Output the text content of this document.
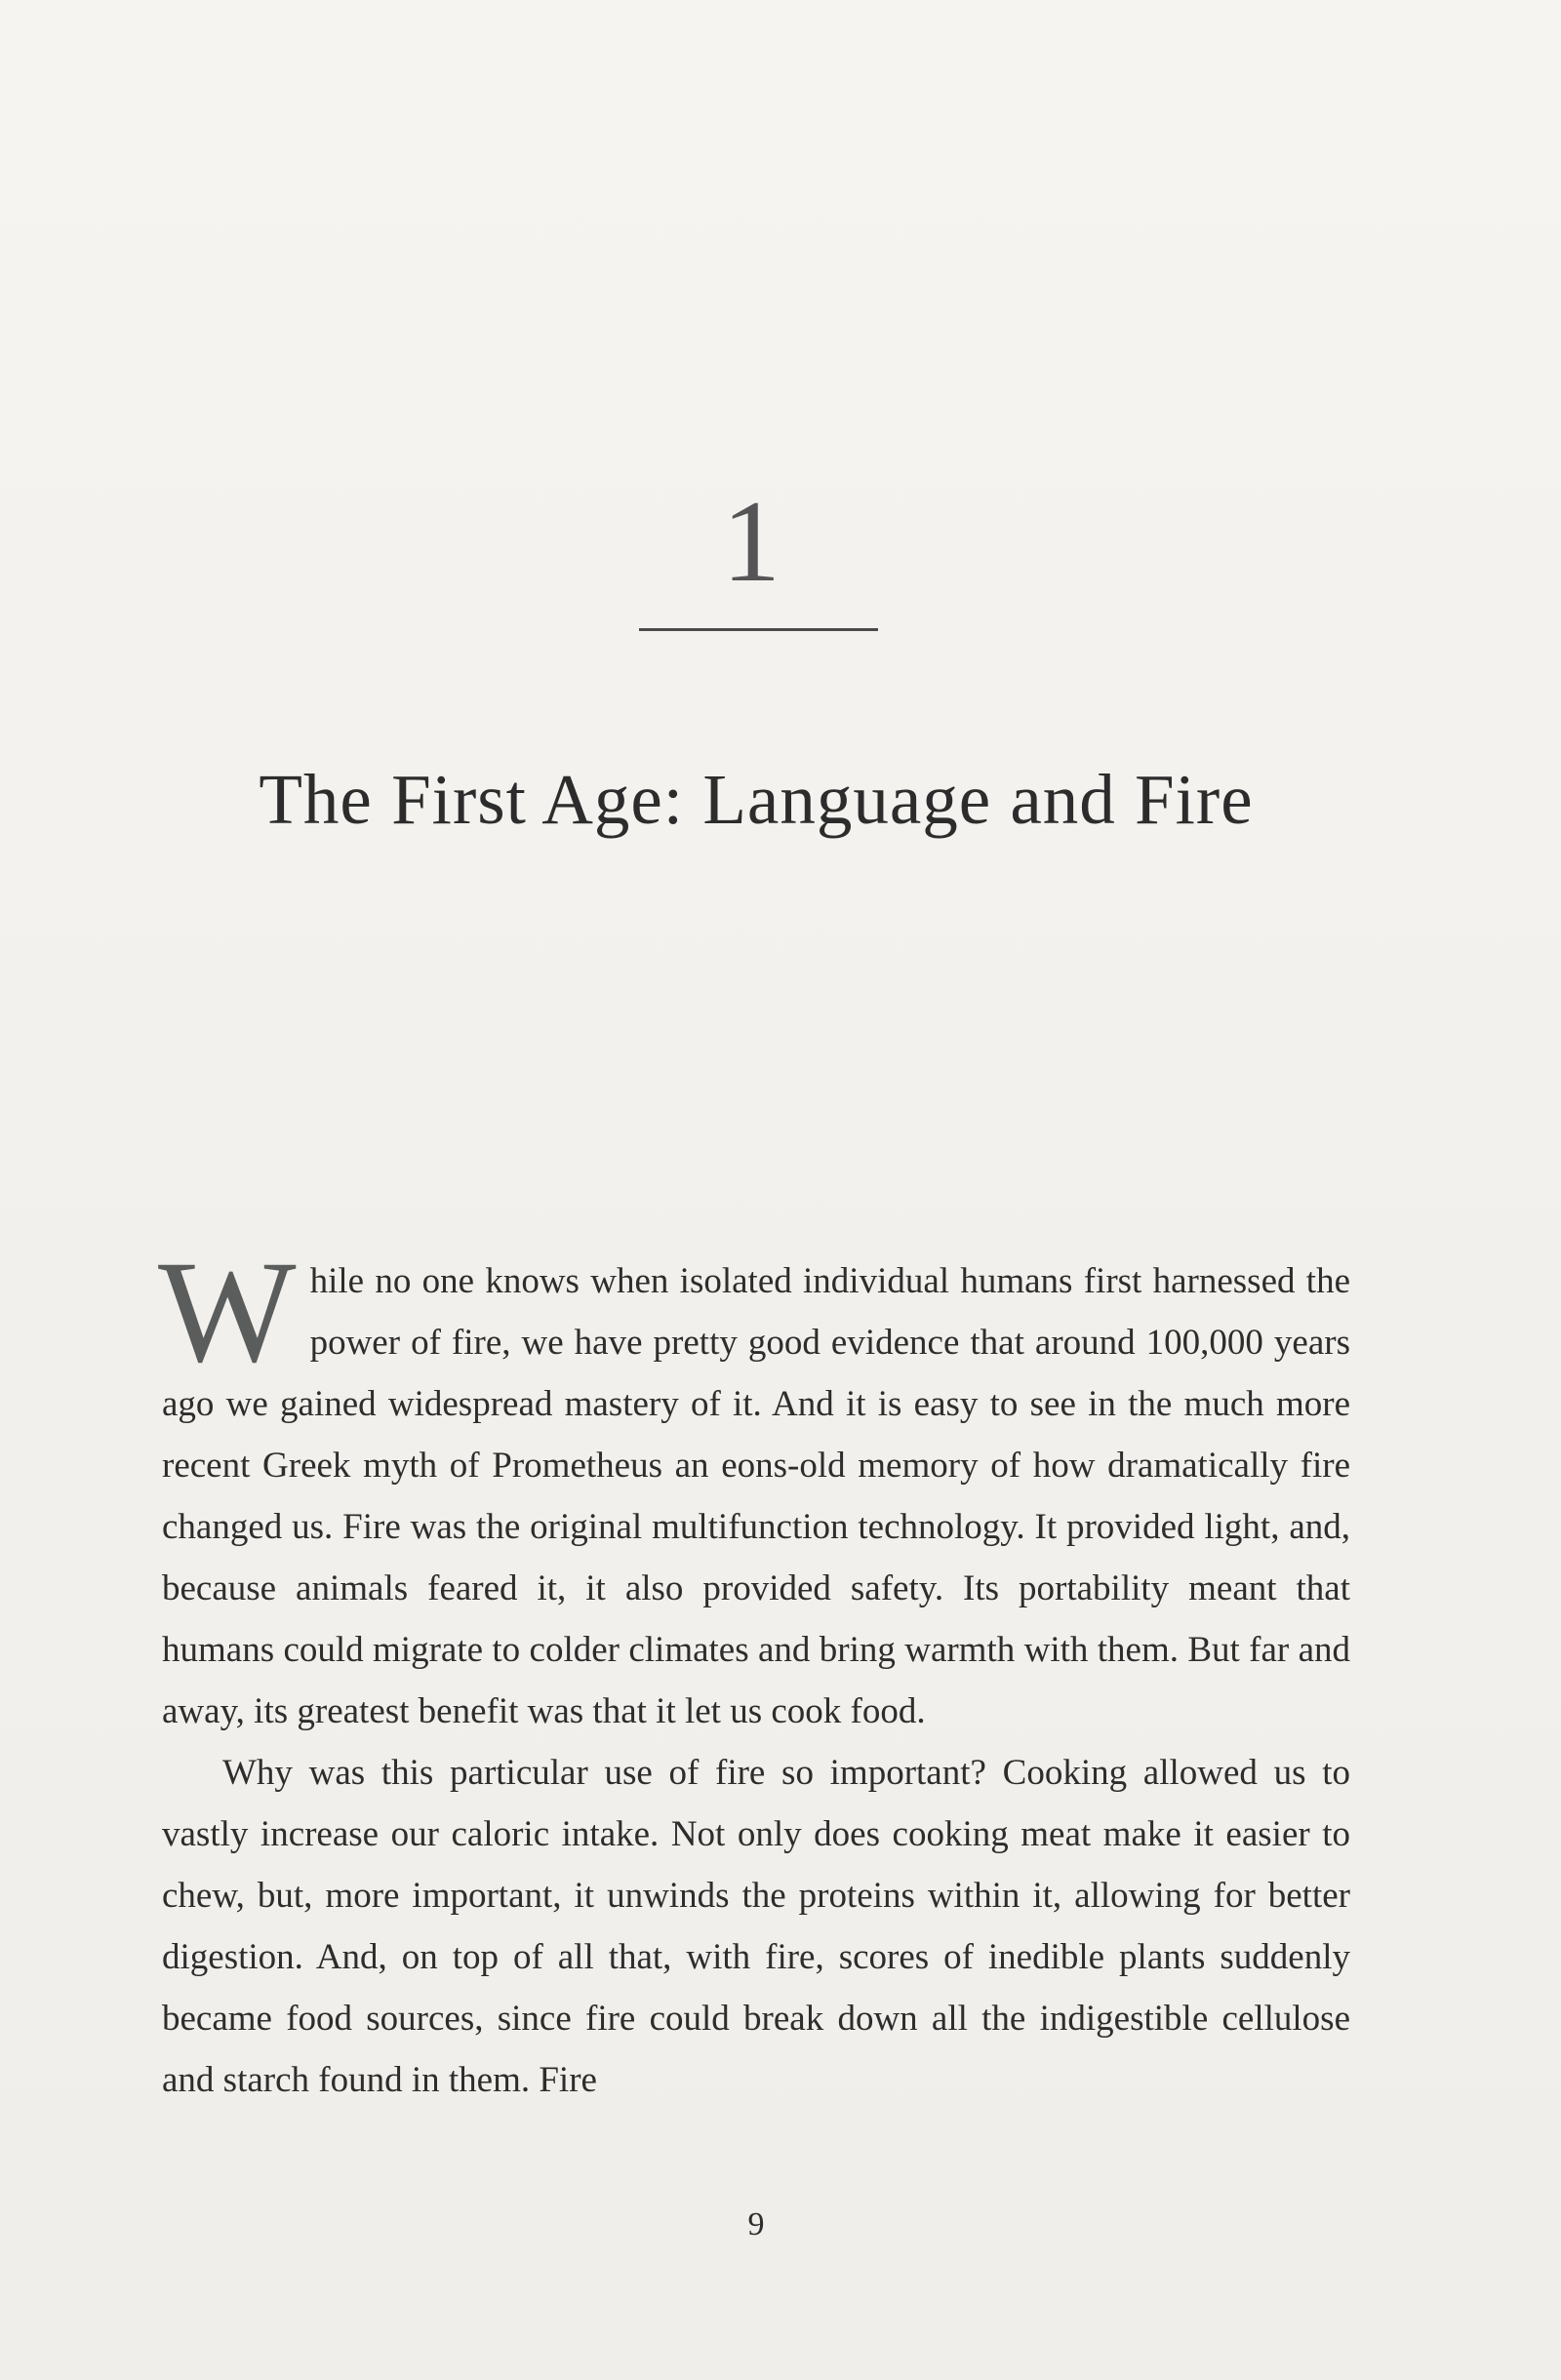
1
The First Age: Language and Fire

While no one knows when isolated individual humans first harnessed the power of fire, we have pretty good evidence that around 100,000 years ago we gained widespread mastery of it. And it is easy to see in the much more recent Greek myth of Prometheus an eons-old memory of how dramatically fire changed us. Fire was the original multifunction technology. It provided light, and, because animals feared it, it also provided safety. Its portability meant that humans could migrate to colder climates and bring warmth with them. But far and away, its greatest benefit was that it let us cook food.

Why was this particular use of fire so important? Cooking allowed us to vastly increase our caloric intake. Not only does cooking meat make it easier to chew, but, more important, it unwinds the proteins within it, allowing for better digestion. And, on top of all that, with fire, scores of inedible plants suddenly became food sources, since fire could break down all the indigestible cellulose and starch found in them. Fire

9
